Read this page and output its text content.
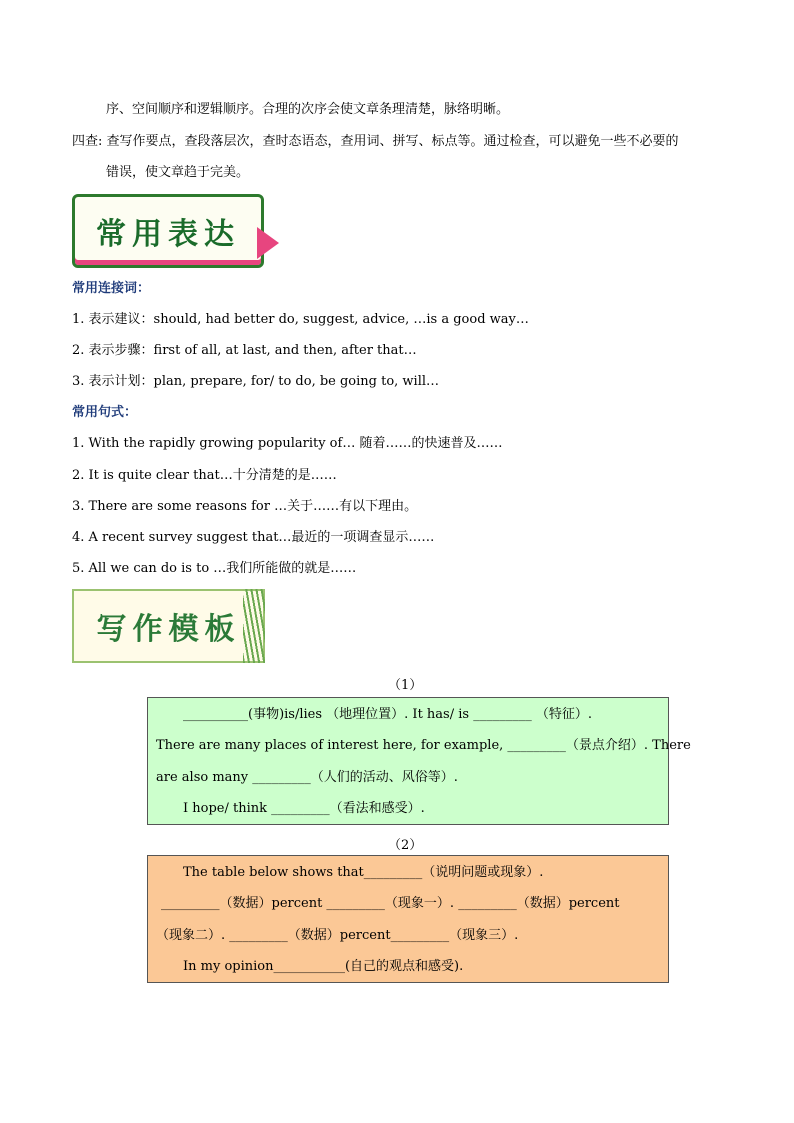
序、空间顺序和逻辑顺序。合理的次序会使文章条理清楚，脉络明晰。
四查: 查写作要点，查段落层次，查时态语态，查用词、拼写、标点等。通过检查，可以避免一些不必要的
错误，使文章趋于完美。
常用表达
常用连接词：
1. 表示建议：should, had better do, suggest, advice, …is a good way…
2. 表示步骤：first of all, at last, and then, after that…
3. 表示计划：plan, prepare, for/ to do, be going to, will…
常用句式：
1. With the rapidly growing popularity of… 随着……的快速普及……
2. It is quite clear that…十分清楚的是……
3. There are some reasons for …关于……有以下理由。
4. A recent survey suggest that…最近的一项调查显示……
5. All we can do is to …我们所能做的就是……
写作模板
（1）
__________(事物)is/lies （地理位置）. It has/ is _________ （特征）.
There are many places of interest here, for example, _________（景点介绍）. There
are also many _________（人们的活动、风俗等）.
I hope/ think _________（看法和感受）.
（2）
The table below shows that_________（说明问题或现象）.
_________（数据）percent _________（现象一）. _________（数据）percent
（现象二）. _________（数据）percent_________（现象三）.
In my opinion___________(自己的观点和感受).
